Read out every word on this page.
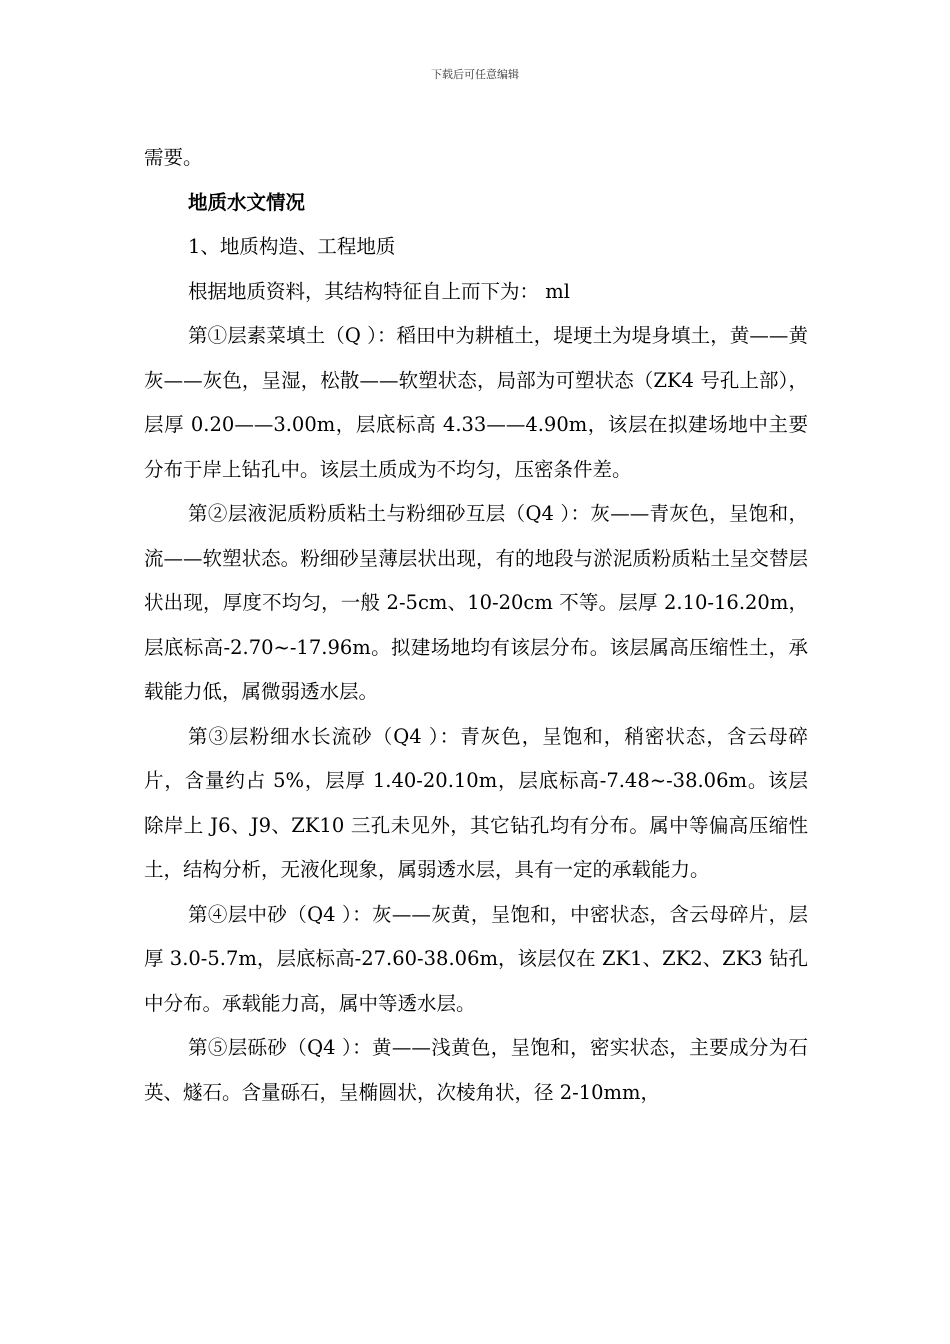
下载后可任意编辑

需要。

地质水文情况

1、地质构造、工程地质

根据地质资料，其结构特征自上而下为： ml

第①层素菜填土（Q ）：稻田中为耕植土，堤埂土为堤身填土，黄——黄灰——灰色，呈湿，松散——软塑状态，局部为可塑状态（ZK4 号孔上部），层厚 0.20——3.00m，层底标高 4.33——4.90m，该层在拟建场地中主要分布于岸上钻孔中。该层土质成为不均匀，压密条件差。

第②层液泥质粉质粘土与粉细砂互层（Q4 ）：灰——青灰色，呈饱和，流——软塑状态。粉细砂呈薄层状出现，有的地段与淤泥质粉质粘土呈交替层状出现，厚度不均匀，一般 2-5cm、10-20cm 不等。层厚 2.10-16.20m，层底标高-2.70~-17.96m。拟建场地均有该层分布。该层属高压缩性土，承载能力低，属微弱透水层。

第③层粉细水长流砂（Q4 ）：青灰色，呈饱和，稍密状态，含云母碎片，含量约占 5%，层厚 1.40-20.10m，层底标高-7.48~-38.06m。该层除岸上 J6、J9、ZK10 三孔未见外，其它钻孔均有分布。属中等偏高压缩性土，结构分析，无液化现象，属弱透水层，具有一定的承载能力。

第④层中砂（Q4 ）：灰——灰黄，呈饱和，中密状态，含云母碎片，层厚 3.0-5.7m，层底标高-27.60-38.06m，该层仅在 ZK1、ZK2、ZK3 钻孔中分布。承载能力高，属中等透水层。

第⑤层砾砂（Q4 ）：黄——浅黄色，呈饱和，密实状态，主要成分为石英、燧石。含量砾石，呈椭圆状，次棱角状，径 2-10mm，
